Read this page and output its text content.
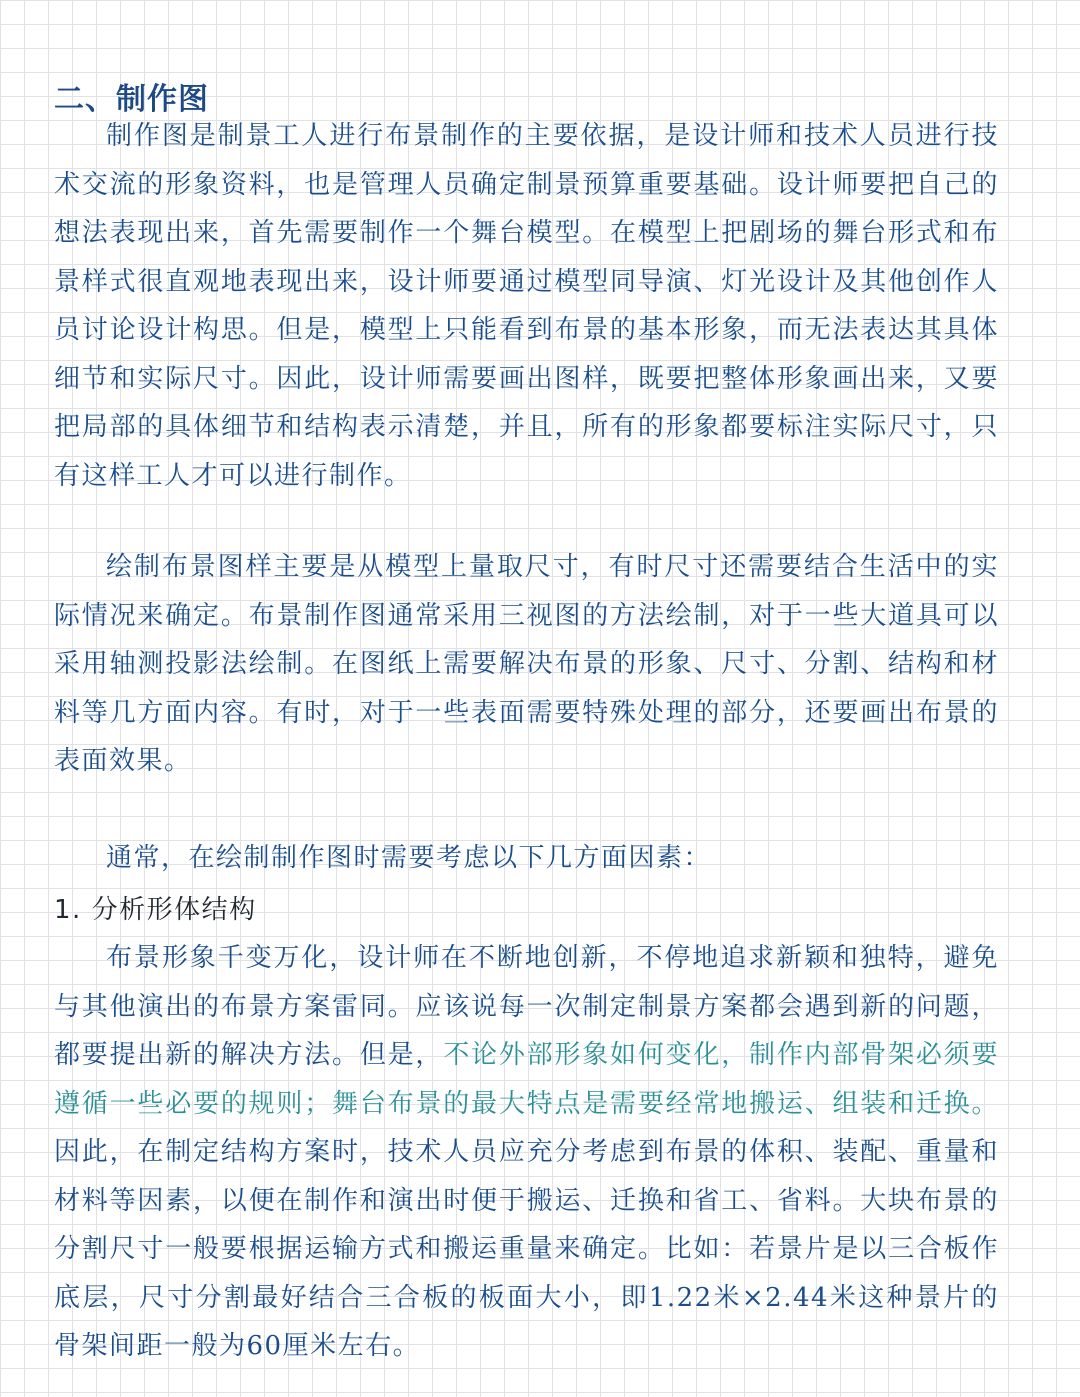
二、制作图

制作图是制景工人进行布景制作的主要依据，是设计师和技术人员进行技术交流的形象资料，也是管理人员确定制景预算重要基础。设计师要把自己的想法表现出来，首先需要制作一个舞台模型。在模型上把剧场的舞台形式和布景样式很直观地表现出来，设计师要通过模型同导演、灯光设计及其他创作人员讨论设计构思。但是，模型上只能看到布景的基本形象，而无法表达其具体细节和实际尺寸。因此，设计师需要画出图样，既要把整体形象画出来，又要把局部的具体细节和结构表示清楚，并且，所有的形象都要标注实际尺寸，只有这样工人才可以进行制作。

绘制布景图样主要是从模型上量取尺寸，有时尺寸还需要结合生活中的实际情况来确定。布景制作图通常采用三视图的方法绘制，对于一些大道具可以采用轴测投影法绘制。在图纸上需要解决布景的形象、尺寸、分割、结构和材料等几方面内容。有时，对于一些表面需要特殊处理的部分，还要画出布景的表面效果。

通常，在绘制制作图时需要考虑以下几方面因素：

1. 分析形体结构

布景形象千变万化，设计师在不断地创新，不停地追求新颖和独特，避免与其他演出的布景方案雷同。应该说每一次制定制景方案都会遇到新的问题，都要提出新的解决方法。但是，不论外部形象如何变化，制作内部骨架必须要遵循一些必要的规则；舞台布景的最大特点是需要经常地搬运、组装和迁换。因此，在制定结构方案时，技术人员应充分考虑到布景的体积、装配、重量和材料等因素，以便在制作和演出时便于搬运、迁换和省工、省料。大块布景的分割尺寸一般要根据运输方式和搬运重量来确定。比如：若景片是以三合板作底层，尺寸分割最好结合三合板的板面大小，即1.22米×2.44米这种景片的骨架间距一般为60厘米左右。
